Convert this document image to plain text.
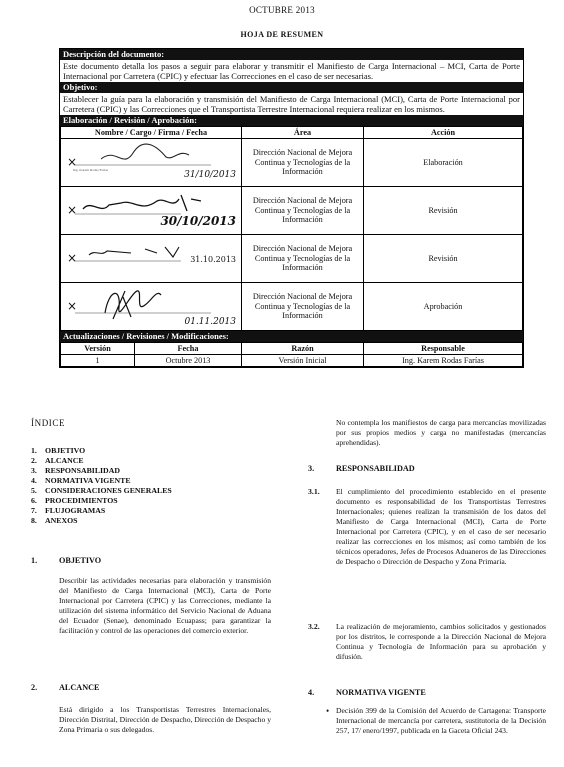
OCTUBRE 2013
HOJA DE RESUMEN
Descripción del documento:
Este documento detalla los pasos a seguir para elaborar y transmitir el Manifiesto de Carga Internacional – MCI, Carta de Porte Internacional por Carretera (CPIC) y efectuar las Correcciones en el caso de ser necesarias.
Objetivo:
Establecer la guía para la elaboración y transmisión del Manifiesto de Carga Internacional (MCI), Carta de Porte Internacional por Carretera (CPIC) y las Correcciones que el Transportista Terrestre Internacional requiera realizar en los mismos.
Elaboración / Revisión / Aprobación:
Nombre / Cargo / Firma / Fecha	Área	Acción

×
Ing. Karem Rodas Farías 31/10/2013	Dirección Nacional de Mejora Continua y Tecnologías de la Información	Elaboración

×
30/10/2013	Dirección Nacional de Mejora Continua y Tecnologías de la Información	Revisión

× 31.10.2013	Dirección Nacional de Mejora Continua y Tecnologías de la Información	Revisión

×
01.11.2013	Dirección Nacional de Mejora Continua y Tecnologías de la Información	Aprobación
Actualizaciones / Revisiones / Modificaciones:
Versión	Fecha	Razón	Responsable
1	Octubre 2013	Versión Inicial	Ing. Karem Rodas Farías
ÍNDICE
1. OBJETIVO
2. ALCANCE
3. RESPONSABILIDAD
4. NORMATIVA VIGENTE
5. CONSIDERACIONES GENERALES
6. PROCEDIMIENTOS
7. FLUJOGRAMAS
8. ANEXOS
1.	OBJETIVO
Describir las actividades necesarias para elaboración y transmisión del Manifiesto de Carga Internacional (MCI), Carta de Porte Internacional por Carretera (CPIC) y las Correcciones, mediante la utilización del sistema informático del Servicio Nacional de Aduana del Ecuador (Senae), denominado Ecuapass; para garantizar la facilitación y control de las operaciones del comercio exterior.
2.	ALCANCE
Está dirigido a los Transportistas Terrestres Internacionales, Dirección Distrital, Dirección de Despacho, Dirección de Despacho y Zona Primaria o sus delegados.
No contempla los manifiestos de carga para mercancías movilizadas por sus propios medios y carga no manifestadas (mercancías aprehendidas).
3.	RESPONSABILIDAD
3.1. El cumplimiento del procedimiento establecido en el presente documento es responsabilidad de los Transportistas Terrestres Internacionales; quienes realizan la transmisión de los datos del Manifiesto de Carga Internacional (MCI), Carta de Porte Internacional por Carretera (CPIC), y en el caso de ser necesario realizar las correcciones en los mismos; así como también de los técnicos operadores, Jefes de Procesos Aduaneros de las Direcciones de Despacho o Dirección de Despacho y Zona Primaria.
3.2. La realización de mejoramiento, cambios solicitados y gestionados por los distritos, le corresponde a la Dirección Nacional de Mejora Continua y Tecnología de Información para su aprobación y difusión.
4.	NORMATIVA VIGENTE
• Decisión 399 de la Comisión del Acuerdo de Cartagena: Transporte Internacional de mercancía por carretera, sustitutoria de la Decisión 257, 17/ enero/1997, publicada en la Gaceta Oficial 243.
